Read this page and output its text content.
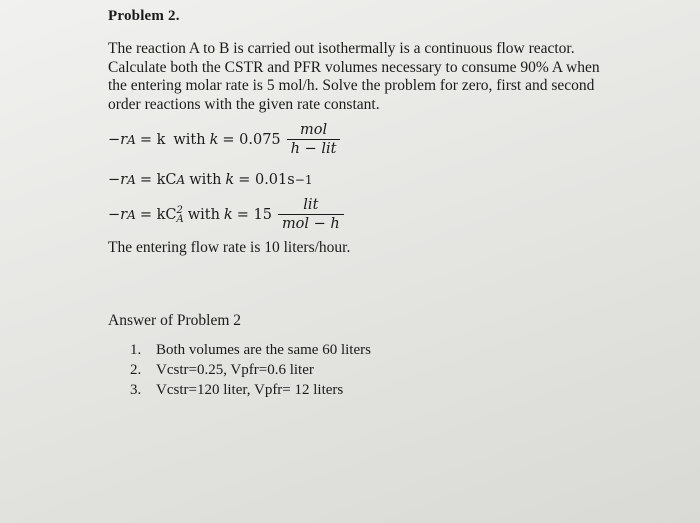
Problem 2.
The reaction A to B is carried out isothermally is a continuous flow reactor.
Calculate both the CSTR and PFR volumes necessary to consume 90% A when
the entering molar rate is 5 mol/h. Solve the problem for zero, first and second
order reactions with the given rate constant.
−r A = k with $k = 0.075 \frac{\text{mol}}{\text{h − lit}}$
−r A = kC A with k = 0.01s −1
−r A = kC 2
A with $k = 15 \frac{\text{lit}}{\text{mol − h}}$
The entering flow rate is 10 liters/hour.
Answer of Problem 2
1. Both volumes are the same 60 liters
2. Vcstr=0.25, Vpfr=0.6 liter
3. Vcstr=120 liter, Vpfr= 12 liters
